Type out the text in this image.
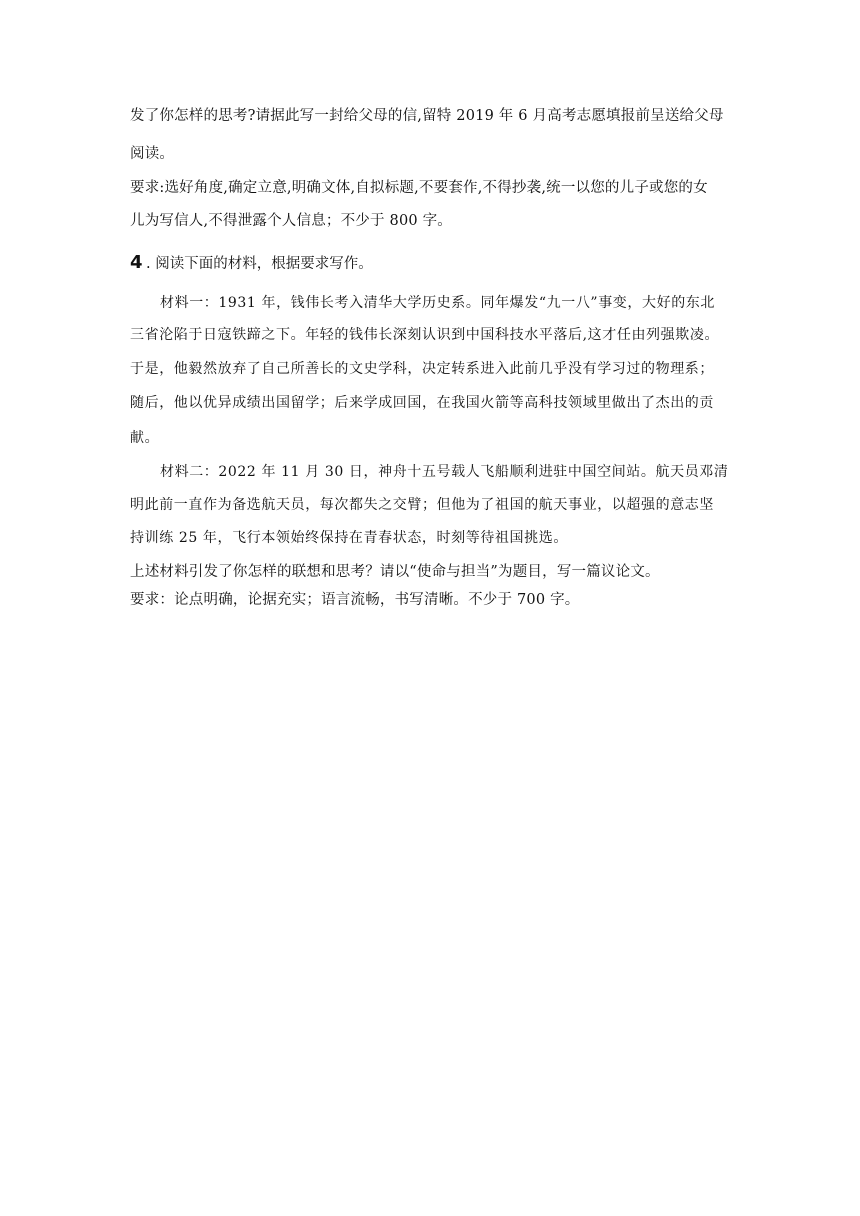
发了你怎样的思考?请据此写一封给父母的信,留特 2019 年 6 月高考志愿填报前呈送给父母
阅读。
要求:选好角度,确定立意,明确文体,自拟标题,不要套作,不得抄袭,统一以您的儿子或您的女
儿为写信人,不得泄露个人信息；不少于 800 字。
4 . 阅读下面的材料，根据要求写作。
材料一：1931 年，钱伟长考入清华大学历史系。同年爆发“九一八”事变，大好的东北
三省沦陷于日寇铁蹄之下。年轻的钱伟长深刻认识到中国科技水平落后,这才任由列强欺凌。
于是，他毅然放弃了自己所善长的文史学科，决定转系进入此前几乎没有学习过的物理系；
随后，他以优异成绩出国留学；后来学成回国，在我国火箭等高科技领域里做出了杰出的贡
献。
材料二：2022 年 11 月 30 日，神舟十五号载人飞船顺利进驻中国空间站。航天员邓清
明此前一直作为备选航天员，每次都失之交臂；但他为了祖国的航天事业，以超强的意志坚
持训练 25 年，飞行本领始终保持在青春状态，时刻等待祖国挑选。
上述材料引发了你怎样的联想和思考？请以“使命与担当”为题目，写一篇议论文。
要求：论点明确，论据充实；语言流畅，书写清晰。不少于 700 字。
